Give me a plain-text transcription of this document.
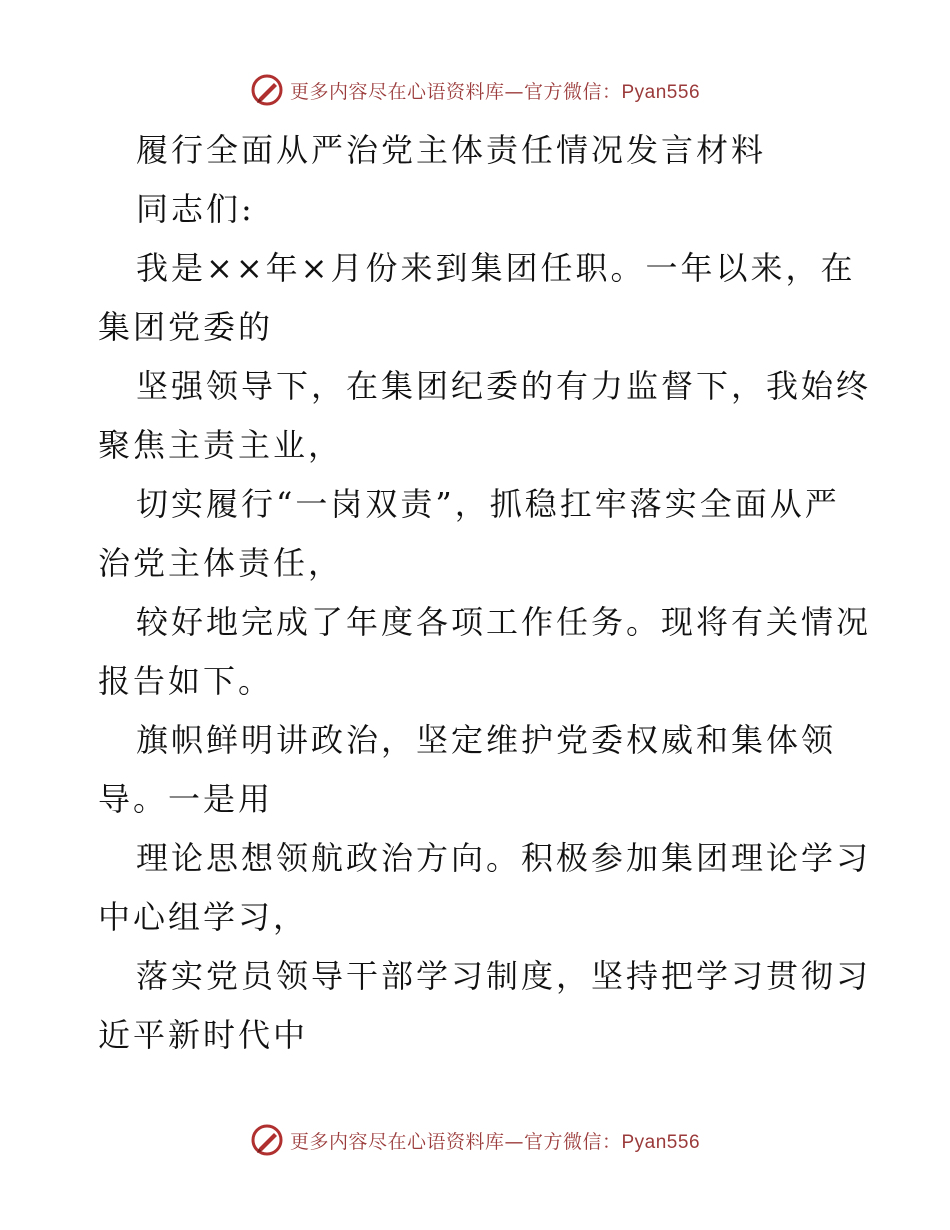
更多内容尽在心语资料库—官方微信：Pyan556
履行全面从严治党主体责任情况发言材料
同志们:
我是××年×月份来到集团任职。一年以来，在
集团党委的
坚强领导下，在集团纪委的有力监督下，我始终
聚焦主责主业，
切实履行“一岗双责”，抓稳扛牢落实全面从严
治党主体责任，
较好地完成了年度各项工作任务。现将有关情况
报告如下。
旗帜鲜明讲政治，坚定维护党委权威和集体领
导。一是用
理论思想领航政治方向。积极参加集团理论学习
中心组学习，
落实党员领导干部学习制度，坚持把学习贯彻习
近平新时代中
更多内容尽在心语资料库—官方微信：Pyan556
